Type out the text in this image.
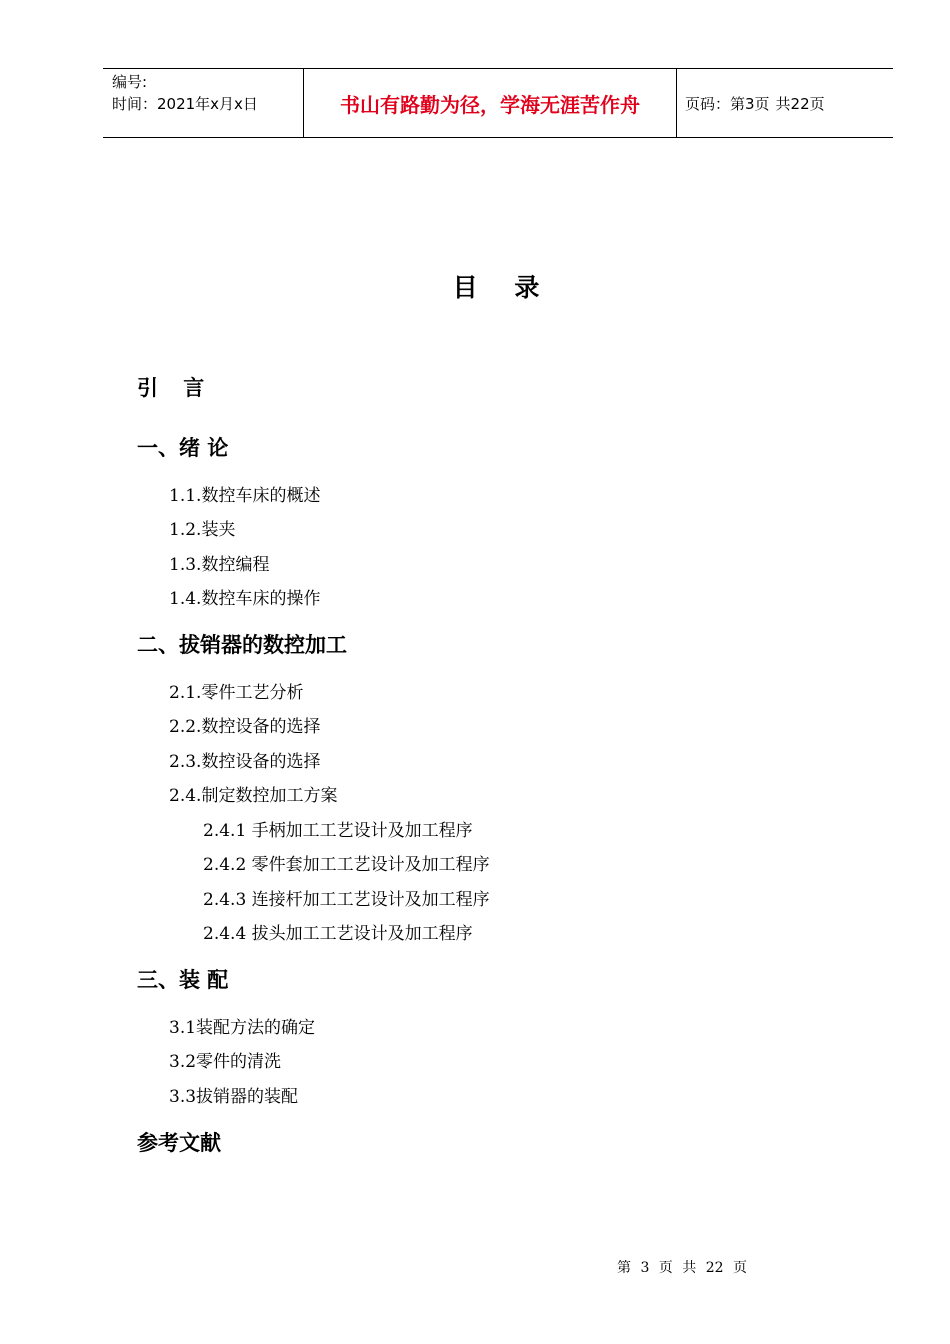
编号:
时间：2021年x月x日	书山有路勤为径，学海无涯苦作舟	页码：第3页 共22页
目 录
引 言
一、绪 论
1.1.数控车床的概述
1.2.装夹
1.3.数控编程
1.4.数控车床的操作
二、拔销器的数控加工
2.1.零件工艺分析
2.2.数控设备的选择
2.3.数控设备的选择
2.4.制定数控加工方案
2.4.1 手柄加工工艺设计及加工程序
2.4.2 零件套加工工艺设计及加工程序
2.4.3 连接杆加工工艺设计及加工程序
2.4.4 拔头加工工艺设计及加工程序
三、装 配
3.1装配方法的确定
3.2零件的清洗
3.3拔销器的装配
参考文献
第 3 页 共 22 页
